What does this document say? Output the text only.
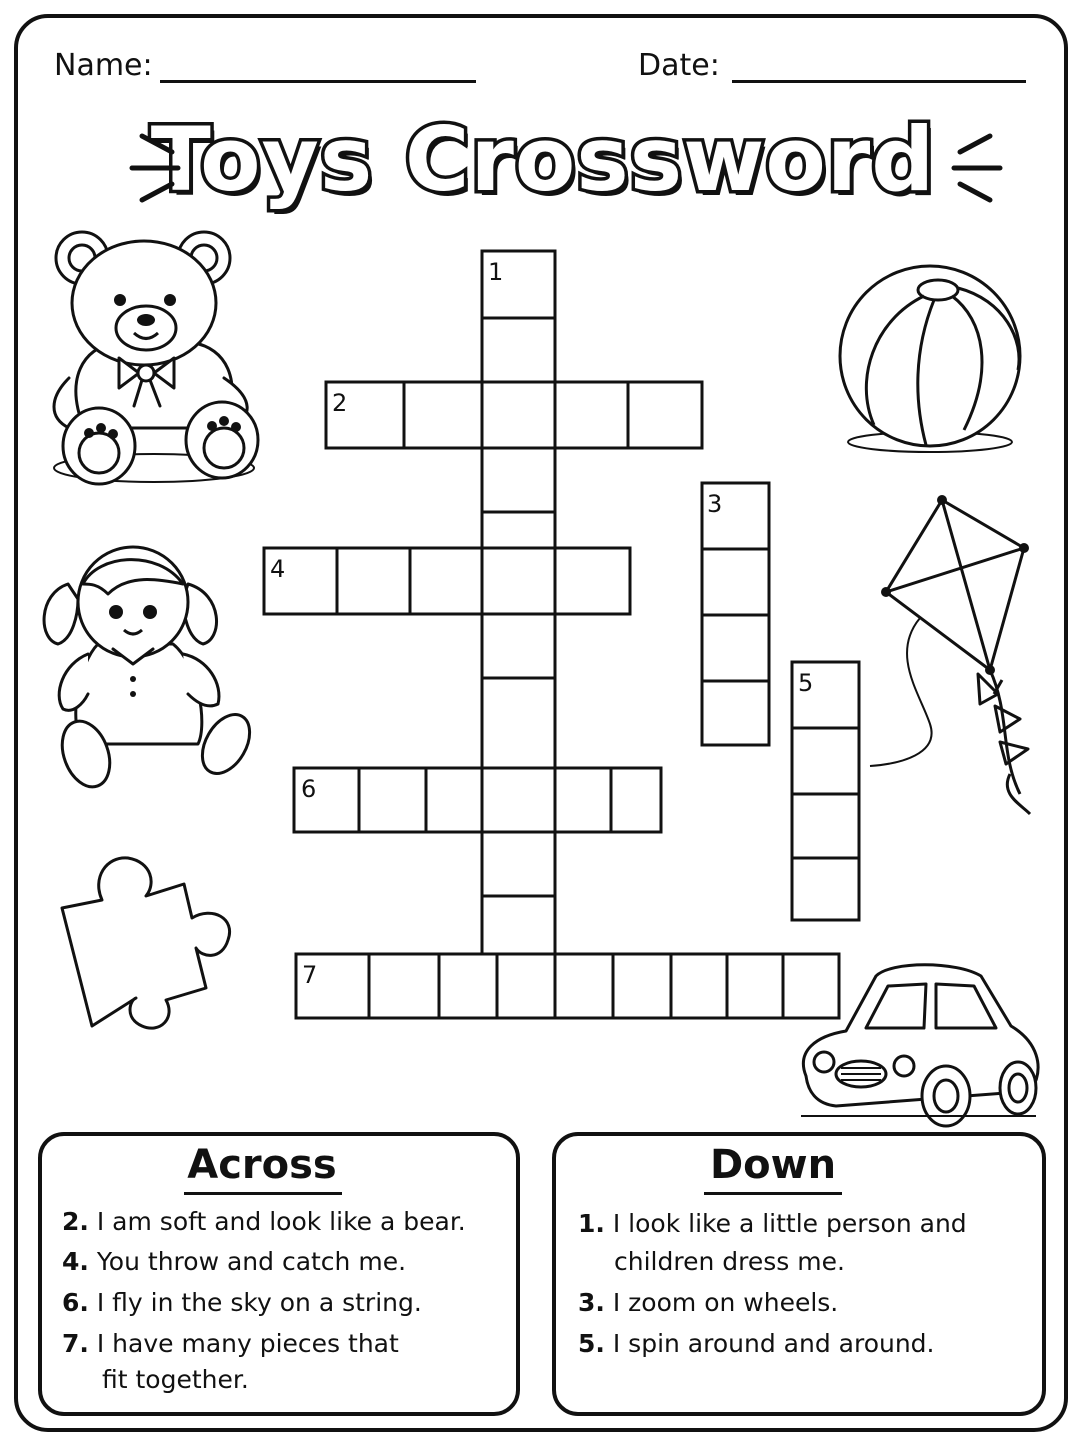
Name:	Date:
Toys Crossword
1
2
3
4
5
6
7
Across
2. I am soft and look like a bear.
4. You throw and catch me.
6. I fly in the sky on a string.
7. I have many pieces that
fit together.
Down
1. I look like a little person and
children dress me.
3. I zoom on wheels.
5. I spin around and around.
